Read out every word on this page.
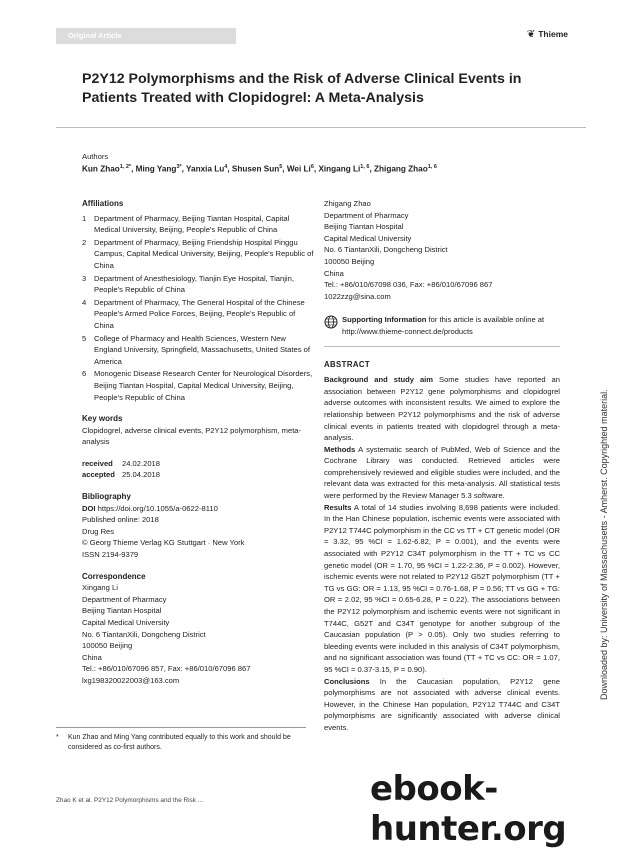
Original Article	❦ Thieme
P2Y12 Polymorphisms and the Risk of Adverse Clinical Events in Patients Treated with Clopidogrel: A Meta-Analysis
Authors
Kun Zhao$^{1, 2*}$, Ming Yang$^{3*}$, Yanxia Lu$^4$, Shusen Sun$^5$, Wei Li$^6$, Xingang Li$^{1, 6}$, Zhigang Zhao$^{1, 6}$
Affiliations
1	Department of Pharmacy, Beijing Tiantan Hospital, Capital Medical University, Beijing, People's Republic of China
2	Department of Pharmacy, Beijing Friendship Hospital Pinggu Campus, Capital Medical University, Beijing, People's Republic of China
3	Department of Anesthesiology, Tianjin Eye Hospital, Tianjin, People's Republic of China
4	Department of Pharmacy, The General Hospital of the Chinese People's Armed Police Forces, Beijing, People's Republic of China
5	College of Pharmacy and Health Sciences, Western New England University, Springfield, Massachusetts, United States of America
6	Monogenic Disease Research Center for Neurological Disorders, Beijing Tiantan Hospital, Capital Medical University, Beijing, People's Republic of China
Key words
Clopidogrel, adverse clinical events, P2Y12 polymorphism, meta-analysis
received	24.02.2018
accepted 25.04.2018
Bibliography
DOI https://doi.org/10.1055/a-0622-8110
Published online: 2018
Drug Res
© Georg Thieme Verlag KG Stuttgart · New York
ISSN 2194-9379
Correspondence
Xingang Li
Department of Pharmacy
Beijing Tiantan Hospital
Capital Medical University
No. 6 TiantanXili, Dongcheng District
100050 Beijing
China
Tel.: +86/010/67096 857, Fax: +86/010/67096 867
lxg198320022003@163.com
Zhigang Zhao
Department of Pharmacy
Beijing Tiantan Hospital
Capital Medical University
No. 6 TiantanXili, Dongcheng District
100050 Beijing
China
Tel.: +86/010/67098 036, Fax: +86/010/67096 867
1022zzg@sina.com
Supporting Information for this article is available online at http://www.thieme-connect.de/products
ABSTRACT

Background and study aim Some studies have reported an association between P2Y12 gene polymorphisms and clopidogrel adverse outcomes with inconsistent results. We aimed to explore the relationship between P2Y12 polymorphisms and the risk of adverse clinical events in patients treated with clopidogrel through a meta-analysis.

Methods A systematic search of PubMed, Web of Science and the Cochrane Library was conducted. Retrieved articles were comprehensively reviewed and eligible studies were included, and the relevant data was extracted for this meta-analysis. All statistical tests were performed by the Review Manager 5.3 software.

Results A total of 14 studies involving 8,698 patients were included. In the Han Chinese population, ischemic events were associated with P2Y12 T744C polymorphism in the CC vs TT + CT genetic model (OR = 3.32, 95 %CI = 1.62-6.82, P = 0.001), and the events were associated with P2Y12 C34T polymorphism in the TT + TC vs CC genetic model (OR = 1.70, 95 %CI = 1.22-2.36, P = 0.002). However, ischemic events were not related to P2Y12 G52T polymorphism (TT + TG vs GG: OR = 1.13, 95 %CI = 0.76-1.68, P = 0.56; TT vs GG + TG: OR = 2.02, 95 %CI = 0.65-6.28, P = 0.22). The associations between the P2Y12 polymorphism and ischemic events were not significant in T744C, G52T and C34T genotype for another subgroup of the Caucasian population (P > 0.05). Only two studies referring to bleeding events were included in this analysis of C34T polymorphism, and no significant association was found (TT + TC vs CC: OR = 1.07, 95 %CI = 0.37-3.15, P = 0.90).

Conclusions In the Caucasian population, P2Y12 gene polymorphisms are not associated with adverse clinical events. However, in the Chinese Han population, P2Y12 T744C and C34T polymorphisms are significantly associated with adverse clinical events.

*	Kun Zhao and Ming Yang contributed equally to this work and should be considered as co-first authors.
Zhao K et al. P2Y12 Polymorphisms and the Risk ...	ebook-hunter.org
Downloaded by: University of Massachusetts - Amherst. Copyrighted material.
